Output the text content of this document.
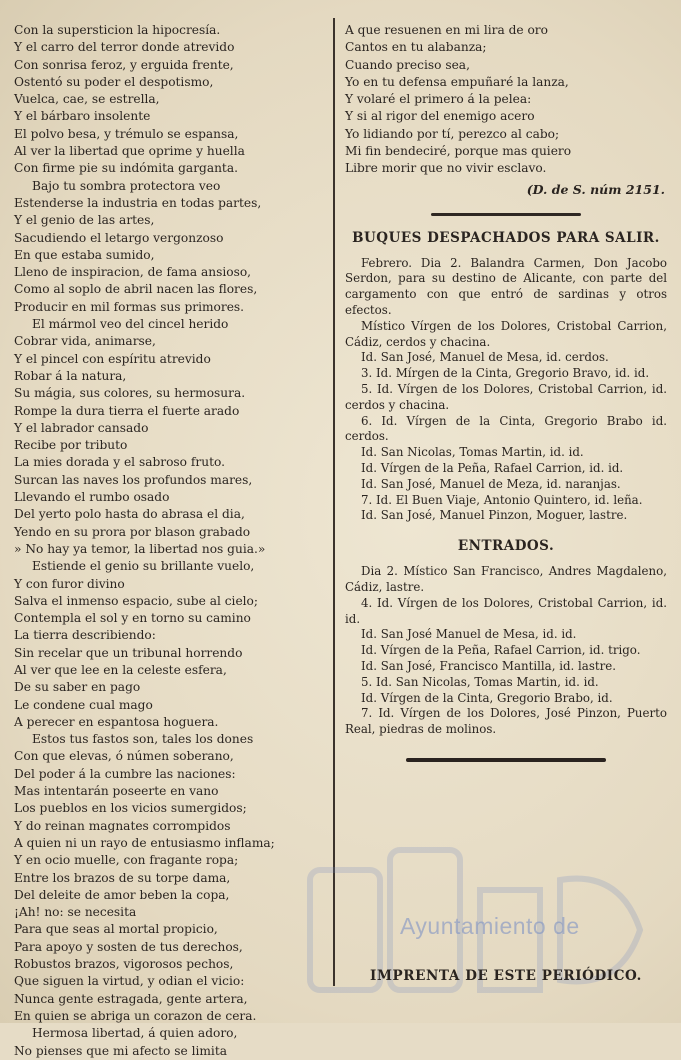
Con la supersticion la hipocresía.
Y el carro del terror donde atrevido
Con sonrisa feroz, y erguida frente,
Ostentó su poder el despotismo,
Vuelca, cae, se estrella,
Y el bárbaro insolente
El polvo besa, y trémulo se espansa,
Al ver la libertad que oprime y huella
Con firme pie su indómita garganta.
Bajo tu sombra protectora veo
Estenderse la industria en todas partes,
Y el genio de las artes,
Sacudiendo el letargo vergonzoso
En que estaba sumido,
Lleno de inspiracion, de fama ansioso,
Como al soplo de abril nacen las flores,
Producir en mil formas sus primores.
El mármol veo del cincel herido
Cobrar vida, animarse,
Y el pincel con espíritu atrevido
Robar á la natura,
Su mágia, sus colores, su hermosura.
Rompe la dura tierra el fuerte arado
Y el labrador cansado
Recibe por tributo
La mies dorada y el sabroso fruto.
Surcan las naves los profundos mares,
Llevando el rumbo osado
Del yerto polo hasta do abrasa el dia,
Yendo en su prora por blason grabado
» No hay ya temor, la libertad nos guia.»
Estiende el genio su brillante vuelo,
Y con furor divino
Salva el inmenso espacio, sube al cielo;
Contempla el sol y en torno su camino
La tierra describiendo:
Sin recelar que un tribunal horrendo
Al ver que lee en la celeste esfera,
De su saber en pago
Le condene cual mago
A perecer en espantosa hoguera.
Estos tus fastos son, tales los dones
Con que elevas, ó númen soberano,
Del poder á la cumbre las naciones:
Mas intentarán poseerte en vano
Los pueblos en los vicios sumergidos;
Y do reinan magnates corrompidos
A quien ni un rayo de entusiasmo inflama;
Y en ocio muelle, con fragante ropa;
Entre los brazos de su torpe dama,
Del deleite de amor beben la copa,
¡Ah! no: se necesita
Para que seas al mortal propicio,
Para apoyo y sosten de tus derechos,
Robustos brazos, vigorosos pechos,
Que siguen la virtud, y odian el vicio:
Nunca gente estragada, gente artera,
En quien se abriga un corazon de cera.
Hermosa libertad, á quien adoro,
No pienses que mi afecto se limita
A que resuenen en mi lira de oro
Cantos en tu alabanza;
Cuando preciso sea,
Yo en tu defensa empuñaré la lanza,
Y volaré el primero á la pelea:
Y si al rigor del enemigo acero
Yo lidiando por tí, perezco al cabo;
Mi fin bendeciré, porque mas quiero
Libre morir que no vivir esclavo.
(D. de S. núm 2151.
BUQUES DESPACHADOS PARA SALIR.

Febrero. Dia 2. Balandra Carmen, Don Jacobo Serdon, para su destino de Alicante, con parte del cargamento con que entró de sardinas y otros efectos.

Místico Vírgen de los Dolores, Cristobal Carrion, Cádiz, cerdos y chacina.

Id. San José, Manuel de Mesa, id. cerdos.

3. Id. Mírgen de la Cinta, Gregorio Bravo, id. id.

5. Id. Vírgen de los Dolores, Cristobal Carrion, id. cerdos y chacina.

6. Id. Vírgen de la Cinta, Gregorio Brabo id. cerdos.

Id. San Nicolas, Tomas Martin, id. id.

Id. Vírgen de la Peña, Rafael Carrion, id. id.

Id. San José, Manuel de Meza, id. naranjas.

7. Id. El Buen Viaje, Antonio Quintero, id. leña.

Id. San José, Manuel Pinzon, Moguer, lastre.

ENTRADOS.

Dia 2. Místico San Francisco, Andres Magdaleno, Cádiz, lastre.

4. Id. Vírgen de los Dolores, Cristobal Carrion, id. id.

Id. San José Manuel de Mesa, id. id.

Id. Vírgen de la Peña, Rafael Carrion, id. trigo.

Id. San José, Francisco Mantilla, id. lastre.

5. Id. San Nicolas, Tomas Martin, id. id.

Id. Vírgen de la Cinta, Gregorio Brabo, id.

7. Id. Vírgen de los Dolores, José Pinzon, Puerto Real, piedras de molinos.

Ayuntamiento de
IMPRENTA DE ESTE PERIÓDICO.
